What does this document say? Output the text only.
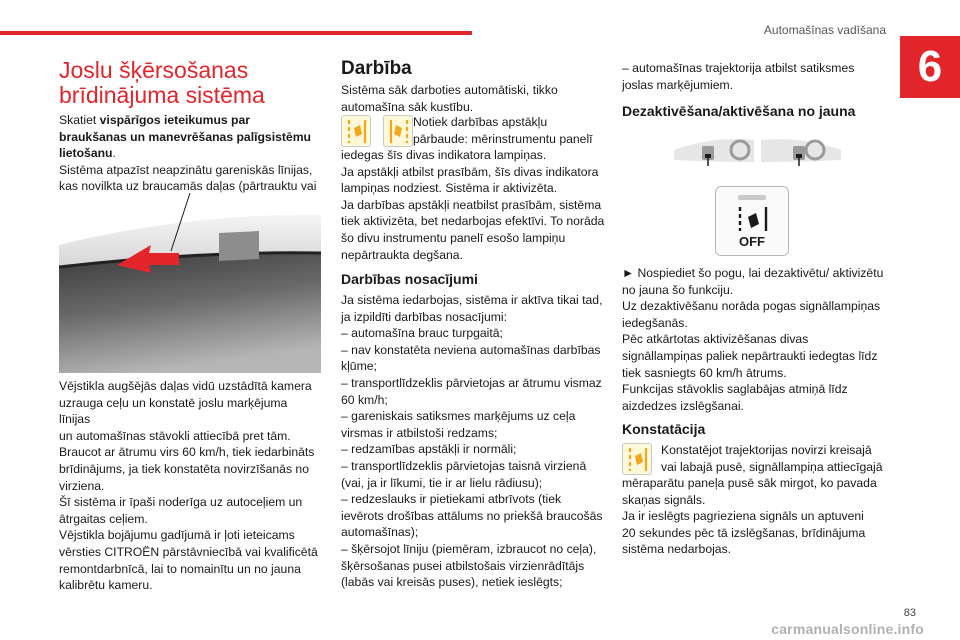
Automašīnas vadīšana
6
Joslu šķērsošanas brīdinājuma sistēma

Skatiet vispārīgos ieteikumus par braukšanas un manevrēšanas palīgsistēmu lietošanu.

Sistēma atpazīst neapzinātu gareniskās līnijas, kas novilkta uz braucamās daļas (pārtrauktu vai

Vējstikla augšējās daļas vidū uzstādītā kamera

uzrauga ceļu un konstatē joslu marķējuma līnijas

un automašīnas stāvokli attiecībā pret tām.

Braucot ar ātrumu virs 60 km/h, tiek iedarbināts

brīdinājums, ja tiek konstatēta novirzīšanās no

virziena.

Šī sistēma ir īpaši noderīga uz autoceļiem un

ātrgaitas ceļiem.

Vējstikla bojājumu gadījumā ir ļoti ieteicams

vērsties CITROËN pārstāvniecībā vai kvalificētā

remontdarbnīcā, lai to nomainītu un no jauna

kalibrētu kameru.

Darbība

Sistēma sāk darboties automātiski, tikko

automašīna sāk kustību.

Notiek darbības apstākļu

pārbaude: mērinstrumentu panelī

iedegas šīs divas indikatora lampiņas.

Ja apstākļi atbilst prasībām, šīs divas indikatora

lampiņas nodziest. Sistēma ir aktivizēta.

Ja darbības apstākļi neatbilst prasībām, sistēma

tiek aktivizēta, bet nedarbojas efektīvi. To norāda

šo divu instrumentu panelī esošo lampiņu

nepārtraukta degšana.

Darbības nosacījumi

Ja sistēma iedarbojas, sistēma ir aktīva tikai tad,

ja izpildīti darbības nosacījumi:

– automašīna brauc turpgaitā;

– nav konstatēta neviena automašīnas darbības

kļūme;

– transportlīdzeklis pārvietojas ar ātrumu vismaz

60 km/h;

– gareniskais satiksmes marķējums uz ceļa

virsmas ir atbilstoši redzams;

– redzamības apstākļi ir normāli;

– transportlīdzeklis pārvietojas taisnā virzienā

(vai, ja ir līkumi, tie ir ar lielu rādiusu);

– redzeslauks ir pietiekami atbrīvots (tiek

ievērots drošības attālums no priekšā braucošās

automašīnas);

– šķērsojot līniju (piemēram, izbraucot no ceļa),

šķērsošanas pusei atbilstošais virzienrādītājs

(labās vai kreisās puses), netiek ieslēgts;

– automašīnas trajektorija atbilst satiksmes

joslas marķējumiem.

Dezaktivēšana/aktivēšana no jauna
OFF

► Nospiediet šo pogu, lai dezaktivētu/ aktivizētu

no jauna šo funkciju.

Uz dezaktivēšanu norāda pogas signāllampiņas

iedegšanās.

Pēc atkārtotas aktivizēšanas divas

signāllampiņas paliek nepārtraukti iedegtas līdz

tiek sasniegts 60 km/h ātrums.

Funkcijas stāvoklis saglabājas atmiņā līdz

aizdedzes izslēgšanai.

Konstatācija

Konstatējot trajektorijas novirzi kreisajā

vai labajā pusē, signāllampiņa attiecīgajā

mēraparātu paneļa pusē sāk mirgot, ko pavada

skaņas signāls.

Ja ir ieslēgts pagrieziena signāls un aptuveni

20 sekundes pēc tā izslēgšanas, brīdinājuma

sistēma nedarbojas.

83
carmanualsonline.info
